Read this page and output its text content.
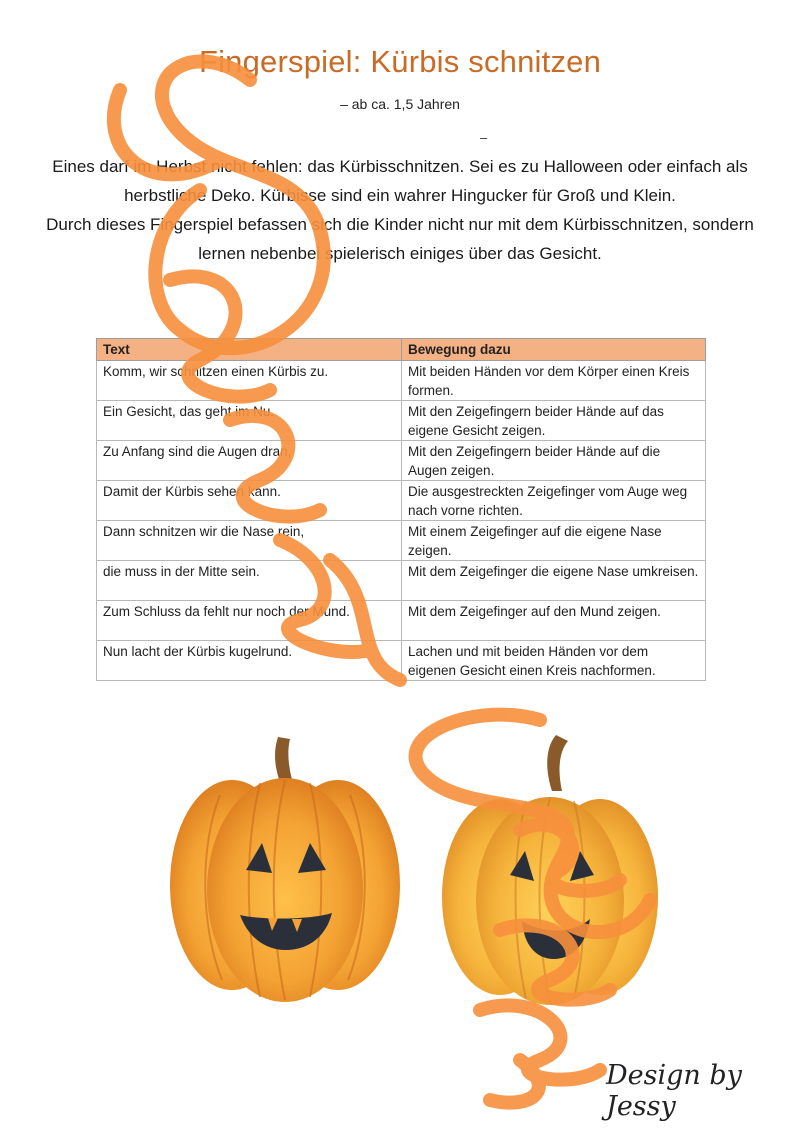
Fingerspiel: Kürbis schnitzen
– ab ca. 1,5 Jahren
–

Eines darf im Herbst nicht fehlen: das Kürbisschnitzen. Sei es zu Halloween oder einfach als

herbstliche Deko. Kürbisse sind ein wahrer Hingucker für Groß und Klein.

Durch dieses Fingerspiel befassen sich die Kinder nicht nur mit dem Kürbisschnitzen, sondern

lernen nebenbei spielerisch einiges über das Gesicht.

Text	Bewegung dazu
Komm, wir schnitzen einen Kürbis zu.	Mit beiden Händen vor dem Körper einen Kreis formen.
Ein Gesicht, das geht im Nu.	Mit den Zeigefingern beider Hände auf das eigene Gesicht zeigen.
Zu Anfang sind die Augen dran,	Mit den Zeigefingern beider Hände auf die Augen zeigen.
Damit der Kürbis sehen kann.	Die ausgestreckten Zeigefinger vom Auge weg nach vorne richten.
Dann schnitzen wir die Nase rein,	Mit einem Zeigefinger auf die eigene Nase zeigen.
die muss in der Mitte sein.	Mit dem Zeigefinger die eigene Nase umkreisen.
Zum Schluss da fehlt nur noch der Mund.	Mit dem Zeigefinger auf den Mund zeigen.
Nun lacht der Kürbis kugelrund.	Lachen und mit beiden Händen vor dem eigenen Gesicht einen Kreis nachformen.
Design by Jessy
